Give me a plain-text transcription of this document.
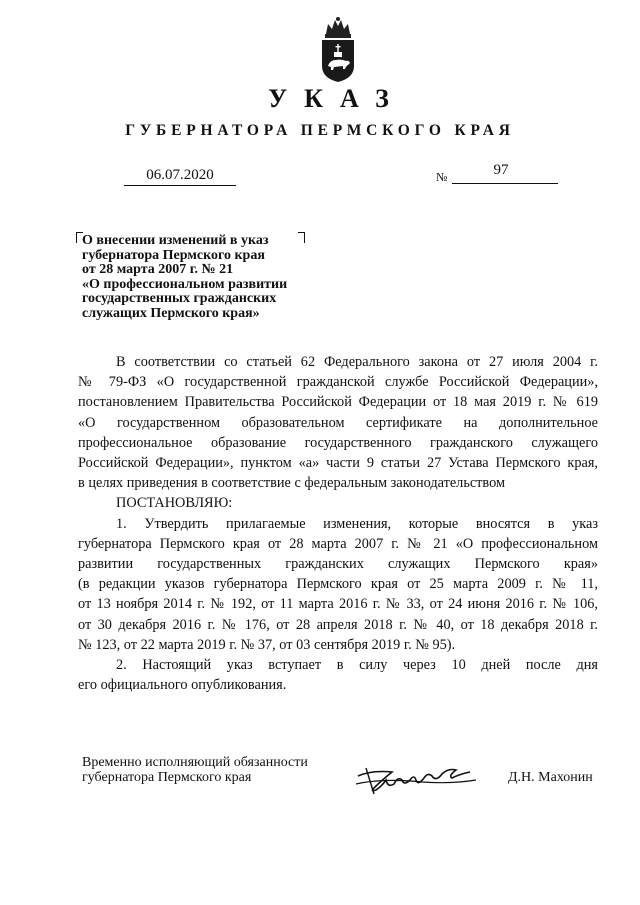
УКАЗ
ГУБЕРНАТОРА ПЕРМСКОГО КРАЯ
06.07.2020	№	97
О внесении изменений в указ
губернатора Пермского края
от 28 марта 2007 г. № 21
«О профессиональном развитии
государственных гражданских
служащих Пермского края»
В соответствии со статьей 62 Федерального закона от 27 июля 2004 г.
№ 79-ФЗ «О государственной гражданской службе Российской Федерации»,
постановлением Правительства Российской Федерации от 18 мая 2019 г. № 619
«О государственном образовательном сертификате на дополнительное
профессиональное образование государственного гражданского служащего
Российской Федерации», пунктом «а» части 9 статьи 27 Устава Пермского края,
в целях приведения в соответствие с федеральным законодательством
ПОСТАНОВЛЯЮ:
1. Утвердить прилагаемые изменения, которые вносятся в указ
губернатора Пермского края от 28 марта 2007 г. № 21 «О профессиональном
развитии государственных гражданских служащих Пермского края»
(в редакции указов губернатора Пермского края от 25 марта 2009 г. № 11,
от 13 ноября 2014 г. № 192, от 11 марта 2016 г. № 33, от 24 июня 2016 г. № 106,
от 30 декабря 2016 г. № 176, от 28 апреля 2018 г. № 40, от 18 декабря 2018 г.
№ 123, от 22 марта 2019 г. № 37, от 03 сентября 2019 г. № 95).
2. Настоящий указ вступает в силу через 10 дней после дня
его официального опубликования.
Временно исполняющий обязанности
губернатора Пермского края	Д.Н. Махонин
